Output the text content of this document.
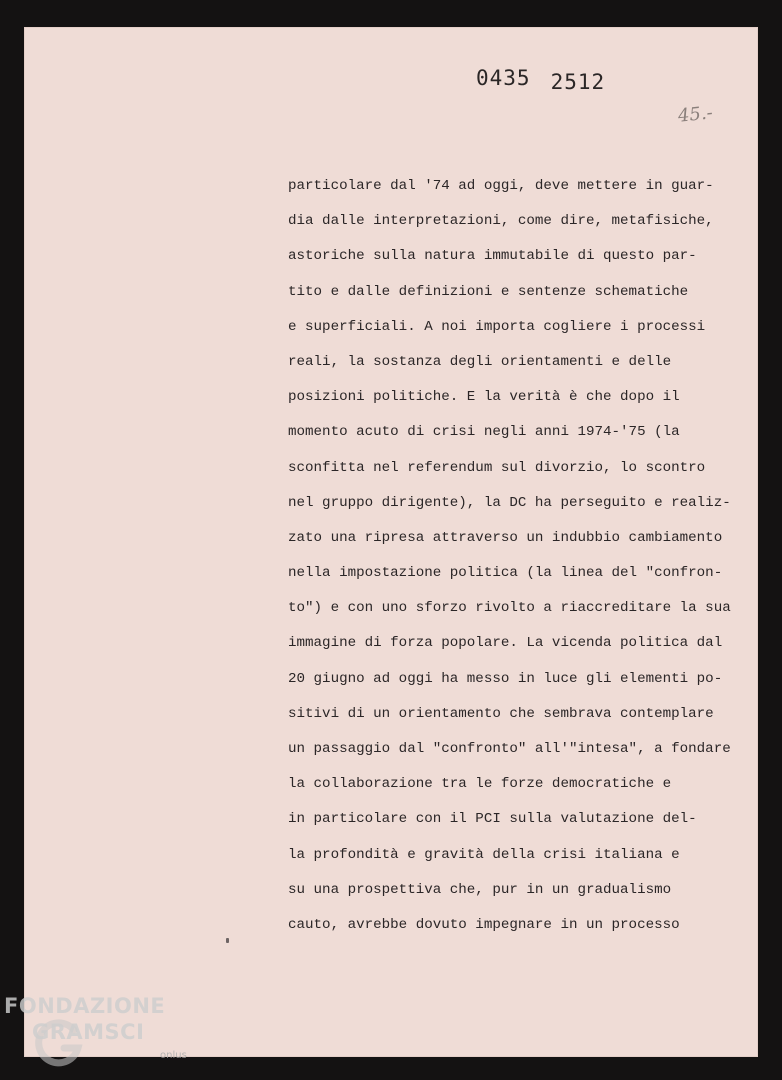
0435 2512
45.-
particolare dal '74 ad oggi, deve mettere in guar-
dia dalle interpretazioni, come dire, metafisiche,
astoriche sulla natura immutabile di questo par-
tito e dalle definizioni e sentenze schematiche
e superficiali. A noi importa cogliere i processi
reali, la sostanza degli orientamenti e delle
posizioni politiche. E la verità è che dopo il
momento acuto di crisi negli anni 1974-'75 (la
sconfitta nel referendum sul divorzio, lo scontro
nel gruppo dirigente), la DC ha perseguito e realiz-
zato una ripresa attraverso un indubbio cambiamento
nella impostazione politica (la linea del "confron-
to") e con uno sforzo rivolto a riaccreditare la sua
immagine di forza popolare. La vicenda politica dal
20 giugno ad oggi ha messo in luce gli elementi po-
sitivi di un orientamento che sembrava contemplare
un passaggio dal "confronto" all'"intesa", a fondare
la collaborazione tra le forze democratiche e
in particolare con il PCI sulla valutazione del-
la profondità e gravità della crisi italiana e
su una prospettiva che, pur in un gradualismo
cauto, avrebbe dovuto impegnare in un processo
FONDAZIONE
GRAMSCI
onlus
